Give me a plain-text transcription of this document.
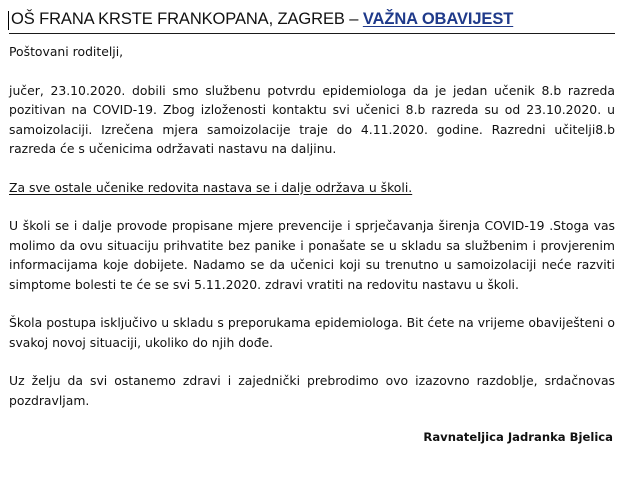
OŠ FRANA KRSTE FRANKOPANA, ZAGREB – VAŽNA OBAVIJEST

Poštovani roditelji,

jučer, 23.10.2020. dobili smo službenu potvrdu epidemiologa da je jedan učenik 8.b razreda pozitivan na COVID-19. Zbog izloženosti kontaktu svi učenici 8.b razreda su od 23.10.2020. u samoizolaciji. Izrečena mjera samoizolacije traje do 4.11.2020. godine. Razredni učitelji8.b razreda će s učenicima održavati nastavu na daljinu.

Za sve ostale učenike redovita nastava se i dalje održava u školi.

U školi se i dalje provode propisane mjere prevencije i sprječavanja širenja COVID-19 .Stoga vas molimo da ovu situaciju prihvatite bez panike i ponašate se u skladu sa službenim i provjerenim informacijama koje dobijete. Nadamo se da učenici koji su trenutno u samoizolaciji neće razviti simptome bolesti te će se svi 5.11.2020. zdravi vratiti na redovitu nastavu u školi.

Škola postupa isključivo u skladu s preporukama epidemiologa. Bit ćete na vrijeme obaviješteni o svakoj novoj situaciji, ukoliko do njih dođe.

Uz želju da svi ostanemo zdravi i zajednički prebrodimo ovo izazovno razdoblje, srdačnovas pozdravljam.

Ravnateljica Jadranka Bjelica
